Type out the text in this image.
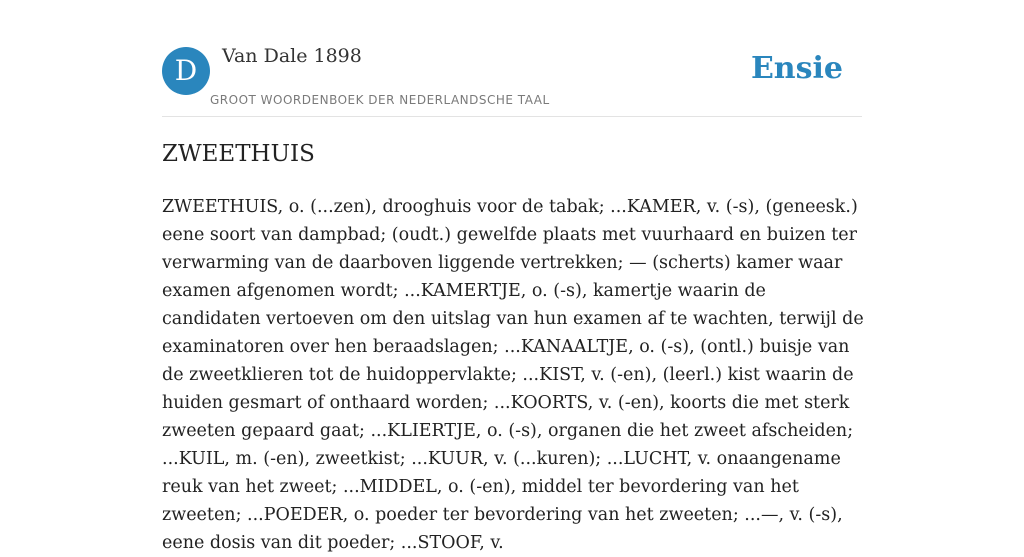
D	Van Dale 1898
GROOT WOORDENBOEK DER NEDERLANDSCHE TAAL
Ensie
ZWEETHUIS

ZWEETHUIS, o. (...zen), drooghuis voor de tabak; ...KAMER, v. (-s), (geneesk.) eene soort van dampbad; (oudt.) gewelfde plaats met vuurhaard en buizen ter verwarming van de daarboven liggende vertrekken; — (scherts) kamer waar examen afgenomen wordt; ...KAMERTJE, o. (-s), kamertje waarin de candidaten vertoeven om den uitslag van hun examen af te wachten, terwijl de examinatoren over hen beraadslagen; ...KANAALTJE, o. (-s), (ontl.) buisje van de zweetklieren tot de huidoppervlakte; ...KIST, v. (-en), (leerl.) kist waarin de huiden gesmart of onthaard worden; ...KOORTS, v. (-en), koorts die met sterk zweeten gepaard gaat; ...KLIERTJE, o. (-s), organen die het zweet afscheiden; ...KUIL, m. (-en), zweetkist; ...KUUR, v. (...kuren); ...LUCHT, v. onaangename reuk van het zweet; ...MIDDEL, o. (-en), middel ter bevordering van het zweeten; ...POEDER, o. poeder ter bevordering van het zweeten; ...—, v. (-s), eene dosis van dit poeder; ...STOOF, v.
